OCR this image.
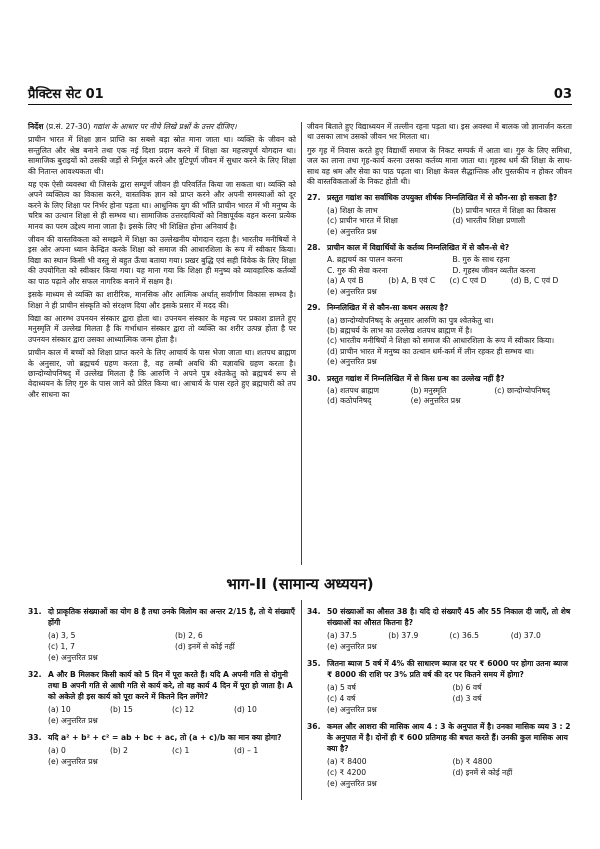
प्रैक्टिस सेट 01	03

निर्देश (प्र.सं. 27-30) गद्यांश के आधार पर नीचे लिखे प्रश्नों के उत्तर दीजिए।

प्राचीन भारत में शिक्षा ज्ञान प्राप्ति का सबसे बड़ा स्रोत माना जाता था। व्यक्ति के जीवन को सन्तुलित और श्रेष्ठ बनाने तथा एक नई दिशा प्रदान करने में शिक्षा का महत्त्वपूर्ण योगदान था। सामाजिक बुराइयों को उसकी जड़ों से निर्मूल करने और त्रुटिपूर्ण जीवन में सुधार करने के लिए शिक्षा की नितान्त आवश्यकता थी।

यह एक ऐसी व्यवस्था थी जिसके द्वारा सम्पूर्ण जीवन ही परिवर्तित किया जा सकता था। व्यक्ति को अपने व्यक्तित्व का विकास करने, वास्तविक ज्ञान को प्राप्त करने और अपनी समस्याओं को दूर करने के लिए शिक्षा पर निर्भर होना पड़ता था। आधुनिक युग की भाँति प्राचीन भारत में भी मनुष्य के चरित्र का उत्थान शिक्षा से ही सम्भव था। सामाजिक उत्तरदायित्वों को निष्ठापूर्वक वहन करना प्रत्येक मानव का परम उद्देश्य माना जाता है। इसके लिए भी शिक्षित होना अनिवार्य है।

जीवन की वास्तविकता को समझने में शिक्षा का उल्लेखनीय योगदान रहता है। भारतीय मनीषियों ने इस ओर अपना ध्यान केन्द्रित करके शिक्षा को समाज की आधारशिला के रूप में स्वीकार किया। विद्या का स्थान किसी भी वस्तु से बहुत ऊँचा बताया गया। प्रखर बुद्धि एवं सही विवेक के लिए शिक्षा की उपयोगिता को स्वीकार किया गया। यह माना गया कि शिक्षा ही मनुष्य को व्यावहारिक कर्तव्यों का पाठ पढ़ाने और सफल नागरिक बनाने में सक्षम है।

इसके माध्यम से व्यक्ति का शारीरिक, मानसिक और आत्मिक अर्थात् सर्वांगीण विकास सम्भव है। शिक्षा ने ही प्राचीन संस्कृति को संरक्षण दिया और इसके प्रसार में मदद की।

विद्या का आरम्भ उपनयन संस्कार द्वारा होता था। उपनयन संस्कार के महत्त्व पर प्रकाश डालते हुए मनुस्मृति में उल्लेख मिलता है कि गर्भाधान संस्कार द्वारा तो व्यक्ति का शरीर उत्पन्न होता है पर उपनयन संस्कार द्वारा उसका आध्यात्मिक जन्म होता है।

प्राचीन काल में बच्चों को शिक्षा प्राप्त करने के लिए आचार्य के पास भेजा जाता था। शतपथ ब्राह्मण के अनुसार, जो ब्रह्मचर्य ग्रहण करता है, वह लम्बी अवधि की यज्ञावधि ग्रहण करता है। छान्दोग्योपनिषद् में उल्लेख मिलता है कि आरुणि ने अपने पुत्र श्वेतकेतु को ब्रह्मचर्य रूप से वेदाध्ययन के लिए गुरु के पास जाने को प्रेरित किया था। आचार्य के पास रहते हुए ब्रह्मचारी को तप और साधना का

जीवन बिताते हुए विद्याध्ययन में तल्लीन रहना पड़ता था। इस अवस्था में बालक जो ज्ञानार्जन करता था उसका लाभ उसको जीवन भर मिलता था।

गुरु गृह में निवास करते हुए विद्यार्थी समाज के निकट सम्पर्क में आता था। गुरु के लिए समिधा, जल का लाना तथा गृह-कार्य करना उसका कर्तव्य माना जाता था। गृहस्थ धर्म की शिक्षा के साथ-साथ वह श्रम और सेवा का पाठ पढ़ता था। शिक्षा केवल सैद्धान्तिक और पुस्तकीय न होकर जीवन की वास्तविकताओं के निकट होती थी।

27. प्रस्तुत गद्यांश का सर्वाधिक उपयुक्त शीर्षक निम्नलिखित में से कौन-सा हो सकता है?
(a) शिक्षा के लाभ	(b) प्राचीन भारत में शिक्षा का विकास
(c) प्राचीन भारत में शिक्षा	(d) भारतीय शिक्षा प्रणाली
(e) अनुत्तरित प्रश्न
28. प्राचीन काल में विद्यार्थियों के कर्तव्य निम्नलिखित में से कौन-से थे?
A. ब्रह्मचर्य का पालन करना	B. गुरु के साथ रहना
C. गुरु की सेवा करना	D. गृहस्थ जीवन व्यतीत करना
(a) A एवं B	(b) A, B एवं C	(c) C एवं D	(d) B, C एवं D
(e) अनुत्तरित प्रश्न
29. निम्नलिखित में से कौन-सा कथन असत्य है?
(a) छान्दोग्योपनिषद् के अनुसार आरुणि का पुत्र श्वेतकेतु था।
(b) ब्रह्मचर्य के लाभ का उल्लेख शतपथ ब्राह्मण में है।
(c) भारतीय मनीषियों ने शिक्षा को समाज की आधारशिला के रूप में स्वीकार किया।
(d) प्राचीन भारत में मनुष्य का उत्थान धर्म-कर्म में लीन रहकर ही सम्भव था।
(e) अनुत्तरित प्रश्न
30. प्रस्तुत गद्यांश में निम्नलिखित में से किस ग्रन्थ का उल्लेख नहीं है?
(a) शतपथ ब्राह्मण	(b) मनुस्मृति	(c) छान्दोग्योपनिषद्
(d) कठोपनिषद्	(e) अनुत्तरित प्रश्न
भाग-II (सामान्य अध्ययन)
31. दो प्राकृतिक संख्याओं का योग 8 है तथा उनके विलोम का अन्तर 2/15 है, तो ये संख्याएँ होंगी
(a) 3, 5	(b) 2, 6
(c) 1, 7	(d) इनमें से कोई नहीं
(e) अनुत्तरित प्रश्न
32. A और B मिलकर किसी कार्य को 5 दिन में पूरा करते हैं। यदि A अपनी गति से दोगुनी तथा B अपनी गति से आधी गति से कार्य करे, तो वह कार्य 4 दिन में पूरा हो जाता है। A को अकेले ही इस कार्य को पूरा करने में कितने दिन लगेंगे?
(a) 10	(b) 15	(c) 12	(d) 10
(e) अनुत्तरित प्रश्न
33. यदि a² + b² + c² = ab + bc + ac, तो (a + c)/b का मान क्या होगा?
(a) 0	(b) 2	(c) 1	(d) – 1
(e) अनुत्तरित प्रश्न
34. 50 संख्याओं का औसत 38 है। यदि दो संख्याएँ 45 और 55 निकाल दी जाएँ, तो शेष संख्याओं का औसत कितना है?
(a) 37.5	(b) 37.9	(c) 36.5	(d) 37.0
(e) अनुत्तरित प्रश्न
35. जितना ब्याज 5 वर्ष में 4% की साधारण ब्याज दर पर ₹ 6000 पर होगा उतना ब्याज ₹ 8000 की राशि पर 3% प्रति वर्ष की दर पर कितने समय में होगा?
(a) 5 वर्ष	(b) 6 वर्ष
(c) 4 वर्ष	(d) 3 वर्ष
(e) अनुत्तरित प्रश्न
36. कमल और आशरा की मासिक आय 4 : 3 के अनुपात में है। उनका मासिक व्यय 3 : 2 के अनुपात में है। दोनों ही ₹ 600 प्रतिमाह की बचत करते हैं। उनकी कुल मासिक आय क्या है?
(a) ₹ 8400	(b) ₹ 4800
(c) ₹ 4200	(d) इनमें से कोई नहीं
(e) अनुत्तरित प्रश्न
